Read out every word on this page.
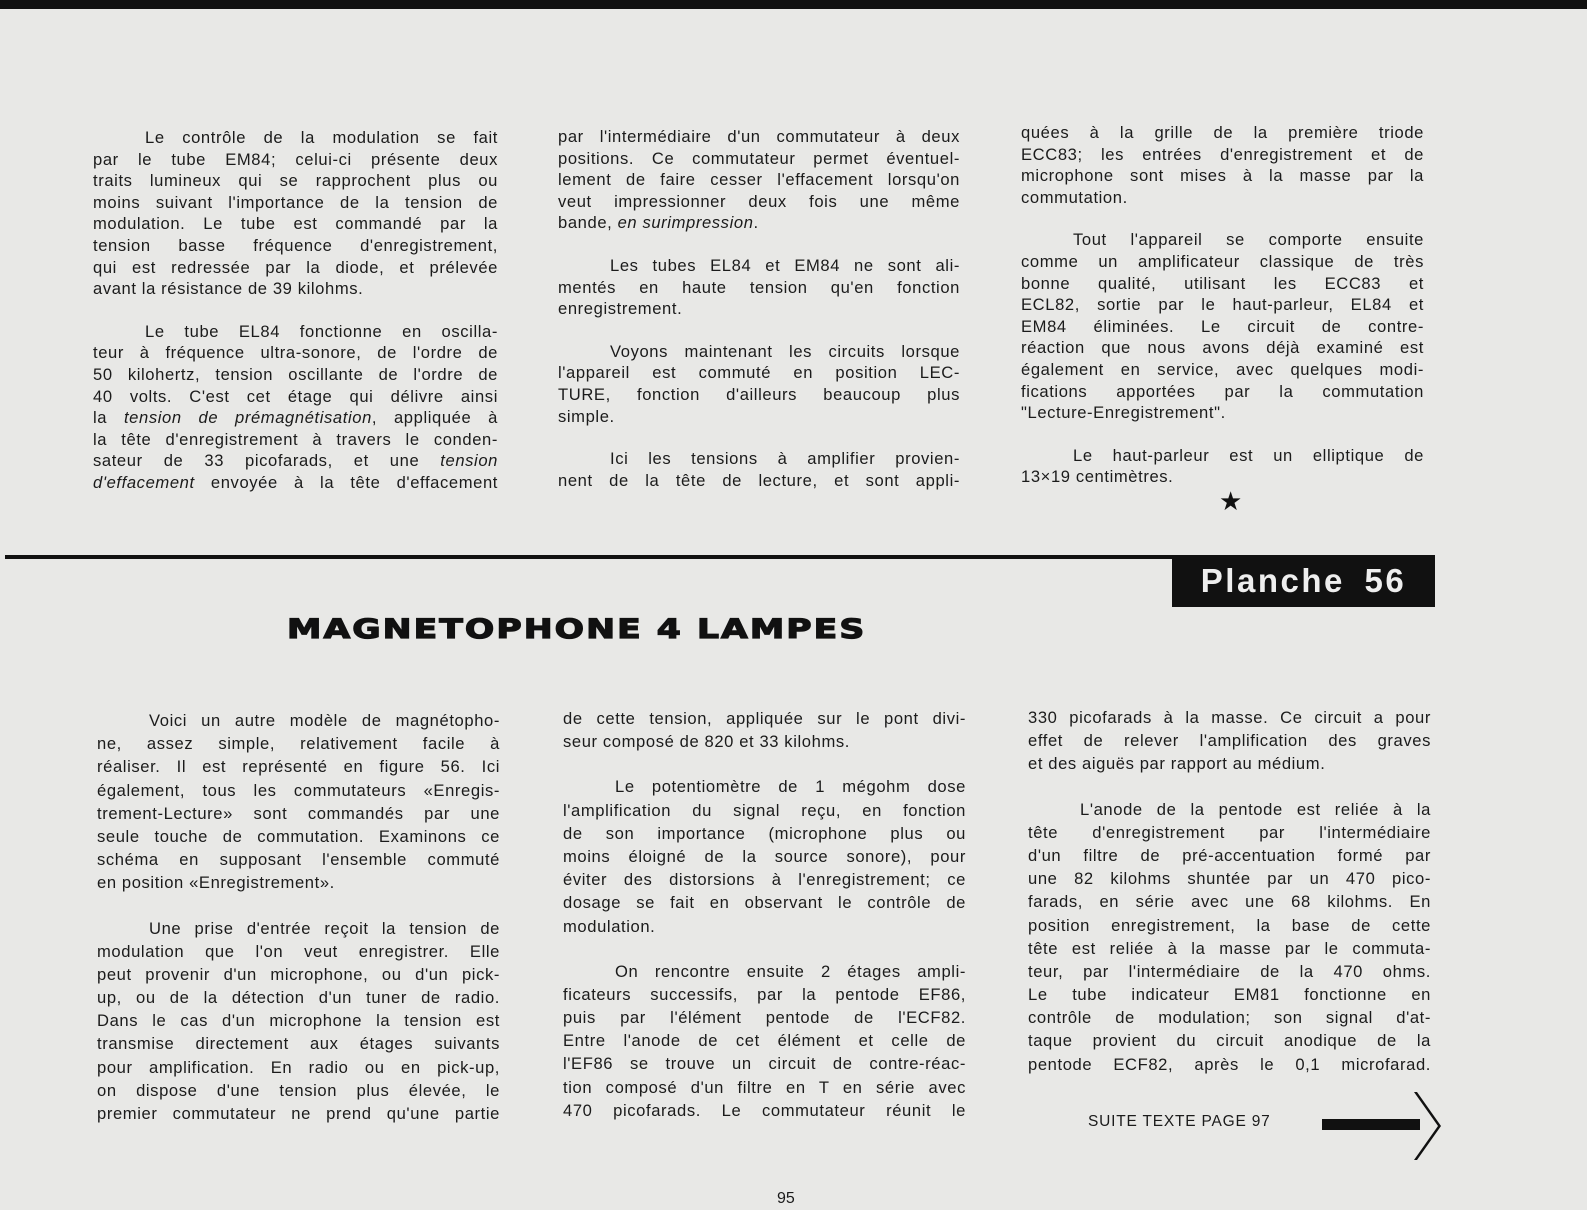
Le contrôle de la modulation se fait
par le tube EM84; celui-ci présente deux
traits lumineux qui se rapprochent plus ou
moins suivant l'importance de la tension de
modulation. Le tube est commandé par la
tension basse fréquence d'enregistrement,
qui est redressée par la diode, et prélevée
avant la résistance de 39 kilohms.
Le tube EL84 fonctionne en oscilla-
teur à fréquence ultra-sonore, de l'ordre de
50 kilohertz, tension oscillante de l'ordre de
40 volts. C'est cet étage qui délivre ainsi
la tension de prémagnétisation, appliquée à
la tête d'enregistrement à travers le conden-
sateur de 33 picofarads, et une tension
d'effacement envoyée à la tête d'effacement
par l'intermédiaire d'un commutateur à deux
positions. Ce commutateur permet éventuel-
lement de faire cesser l'effacement lorsqu'on
veut impressionner deux fois une même
bande, en surimpression.
Les tubes EL84 et EM84 ne sont ali-
mentés en haute tension qu'en fonction
enregistrement.
Voyons maintenant les circuits lorsque
l'appareil est commuté en position LEC-
TURE, fonction d'ailleurs beaucoup plus
simple.
Ici les tensions à amplifier provien-
nent de la tête de lecture, et sont appli-
quées à la grille de la première triode
ECC83; les entrées d'enregistrement et de
microphone sont mises à la masse par la
commutation.
Tout l'appareil se comporte ensuite
comme un amplificateur classique de très
bonne qualité, utilisant les ECC83 et
ECL82, sortie par le haut-parleur, EL84 et
EM84 éliminées. Le circuit de contre-
réaction que nous avons déjà examiné est
également en service, avec quelques modi-
fications apportées par la commutation
"Lecture-Enregistrement".
Le haut-parleur est un elliptique de
13×19 centimètres.
★
Planche 56
MAGNETOPHONE 4 LAMPES
Voici un autre modèle de magnétopho-
ne, assez simple, relativement facile à
réaliser. Il est représenté en figure 56. Ici
également, tous les commutateurs «Enregis-
trement-Lecture» sont commandés par une
seule touche de commutation. Examinons ce
schéma en supposant l'ensemble commuté
en position «Enregistrement».
Une prise d'entrée reçoit la tension de
modulation que l'on veut enregistrer. Elle
peut provenir d'un microphone, ou d'un pick-
up, ou de la détection d'un tuner de radio.
Dans le cas d'un microphone la tension est
transmise directement aux étages suivants
pour amplification. En radio ou en pick-up,
on dispose d'une tension plus élevée, le
premier commutateur ne prend qu'une partie
de cette tension, appliquée sur le pont divi-
seur composé de 820 et 33 kilohms.
Le potentiomètre de 1 mégohm dose
l'amplification du signal reçu, en fonction
de son importance (microphone plus ou
moins éloigné de la source sonore), pour
éviter des distorsions à l'enregistrement; ce
dosage se fait en observant le contrôle de
modulation.
On rencontre ensuite 2 étages ampli-
ficateurs successifs, par la pentode EF86,
puis par l'élément pentode de l'ECF82.
Entre l'anode de cet élément et celle de
l'EF86 se trouve un circuit de contre-réac-
tion composé d'un filtre en T en série avec
470 picofarads. Le commutateur réunit le
330 picofarads à la masse. Ce circuit a pour
effet de relever l'amplification des graves
et des aiguës par rapport au médium.
L'anode de la pentode est reliée à la
tête d'enregistrement par l'intermédiaire
d'un filtre de pré-accentuation formé par
une 82 kilohms shuntée par un 470 pico-
farads, en série avec une 68 kilohms. En
position enregistrement, la base de cette
tête est reliée à la masse par le commuta-
teur, par l'intermédiaire de la 470 ohms.
Le tube indicateur EM81 fonctionne en
contrôle de modulation; son signal d'at-
taque provient du circuit anodique de la
pentode ECF82, après le 0,1 microfarad.
SUITE TEXTE PAGE 97
95
